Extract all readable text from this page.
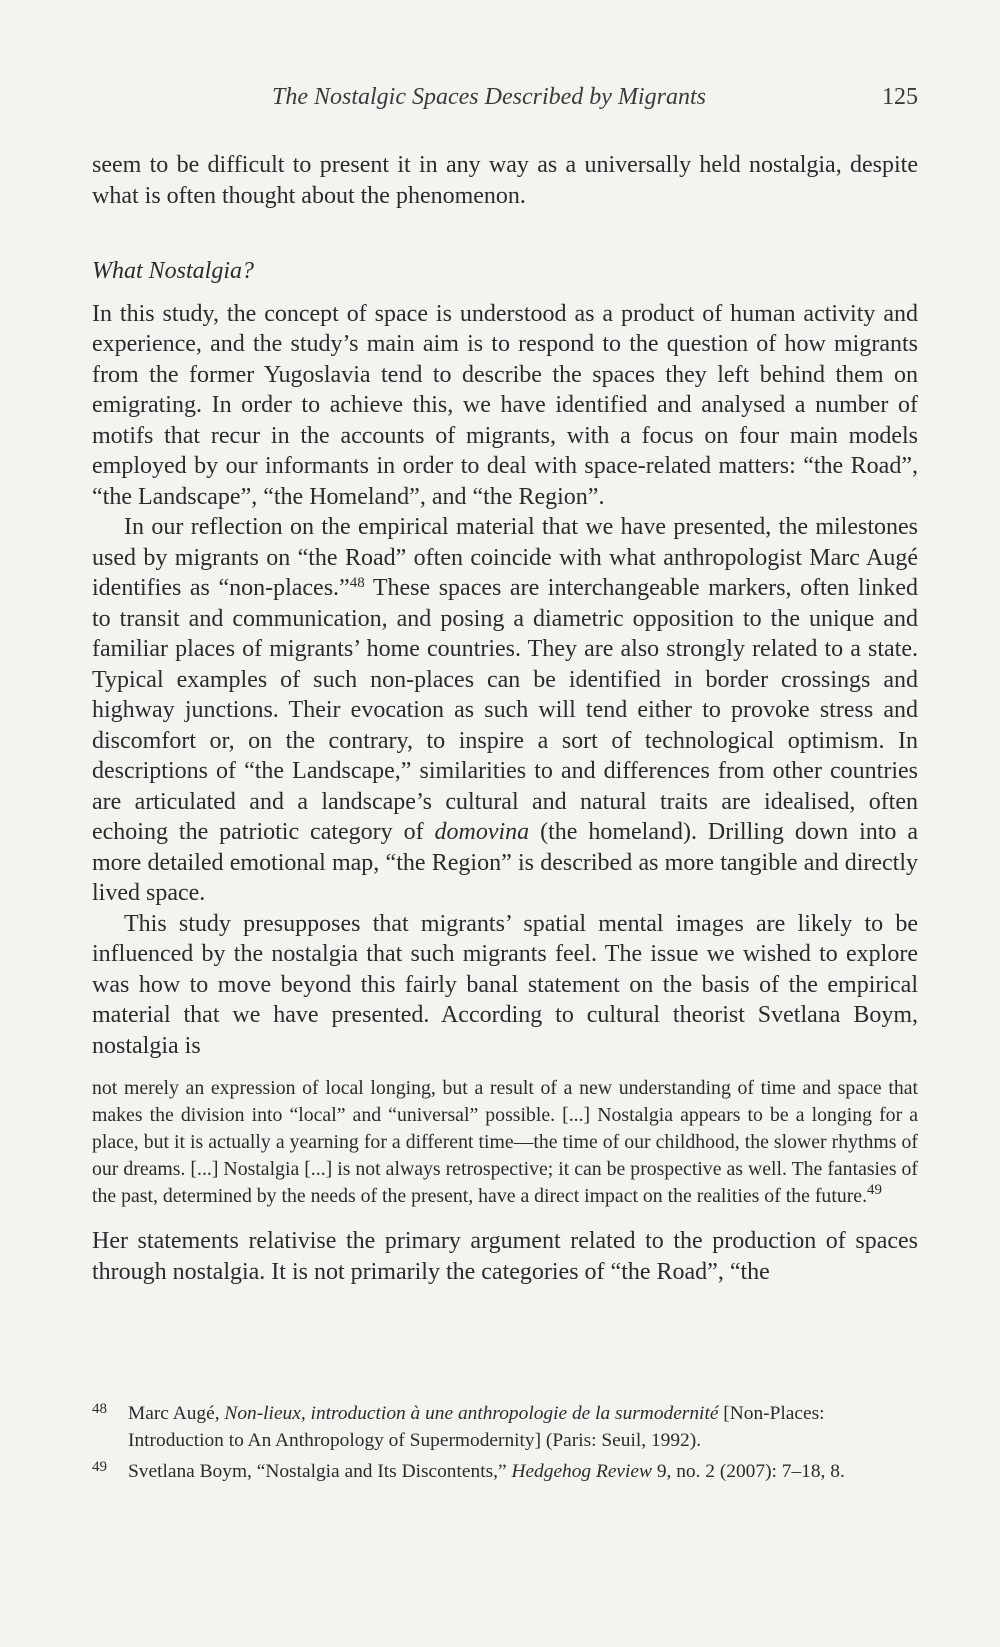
The Nostalgic Spaces Described by Migrants	125

seem to be difficult to present it in any way as a universally held nostalgia, despite what is often thought about the phenomenon.

What Nostalgia?

In this study, the concept of space is understood as a product of human activity and experience, and the study’s main aim is to respond to the question of how migrants from the former Yugoslavia tend to describe the spaces they left behind them on emigrating. In order to achieve this, we have identified and analysed a number of motifs that recur in the accounts of migrants, with a focus on four main models employed by our informants in order to deal with space-related matters: “the Road”, “the Landscape”, “the Homeland”, and “the Region”.

In our reflection on the empirical material that we have presented, the milestones used by migrants on “the Road” often coincide with what anthropologist Marc Augé identifies as “non-places.”$^{48}$ These spaces are interchangeable markers, often linked to transit and communication, and posing a diametric opposition to the unique and familiar places of migrants’ home countries. They are also strongly related to a state. Typical examples of such non-places can be identified in border crossings and highway junctions. Their evocation as such will tend either to provoke stress and discomfort or, on the contrary, to inspire a sort of technological optimism. In descriptions of “the Landscape,” similarities to and differences from other countries are articulated and a landscape’s cultural and natural traits are idealised, often echoing the patriotic category of domovina (the homeland). Drilling down into a more detailed emotional map, “the Region” is described as more tangible and directly lived space.

This study presupposes that migrants’ spatial mental images are likely to be influenced by the nostalgia that such migrants feel. The issue we wished to explore was how to move beyond this fairly banal statement on the basis of the empirical material that we have presented. According to cultural theorist Svetlana Boym, nostalgia is

not merely an expression of local longing, but a result of a new understanding of time and space that makes the division into “local” and “universal” possible. [...] Nostalgia appears to be a longing for a place, but it is actually a yearning for a different time—the time of our childhood, the slower rhythms of our dreams. [...] Nostalgia [...] is not always retrospective; it can be prospective as well. The fantasies of the past, determined by the needs of the present, have a direct impact on the realities of the future.$^{49}$

Her statements relativise the primary argument related to the production of spaces through nostalgia. It is not primarily the categories of “the Road”, “the

48 Marc Augé, Non-lieux, introduction à une anthropologie de la surmodernité [Non-Places: Introduction to An Anthropology of Supermodernity] (Paris: Seuil, 1992).
49 Svetlana Boym, “Nostalgia and Its Discontents,” Hedgehog Review 9, no. 2 (2007): 7–18, 8.
